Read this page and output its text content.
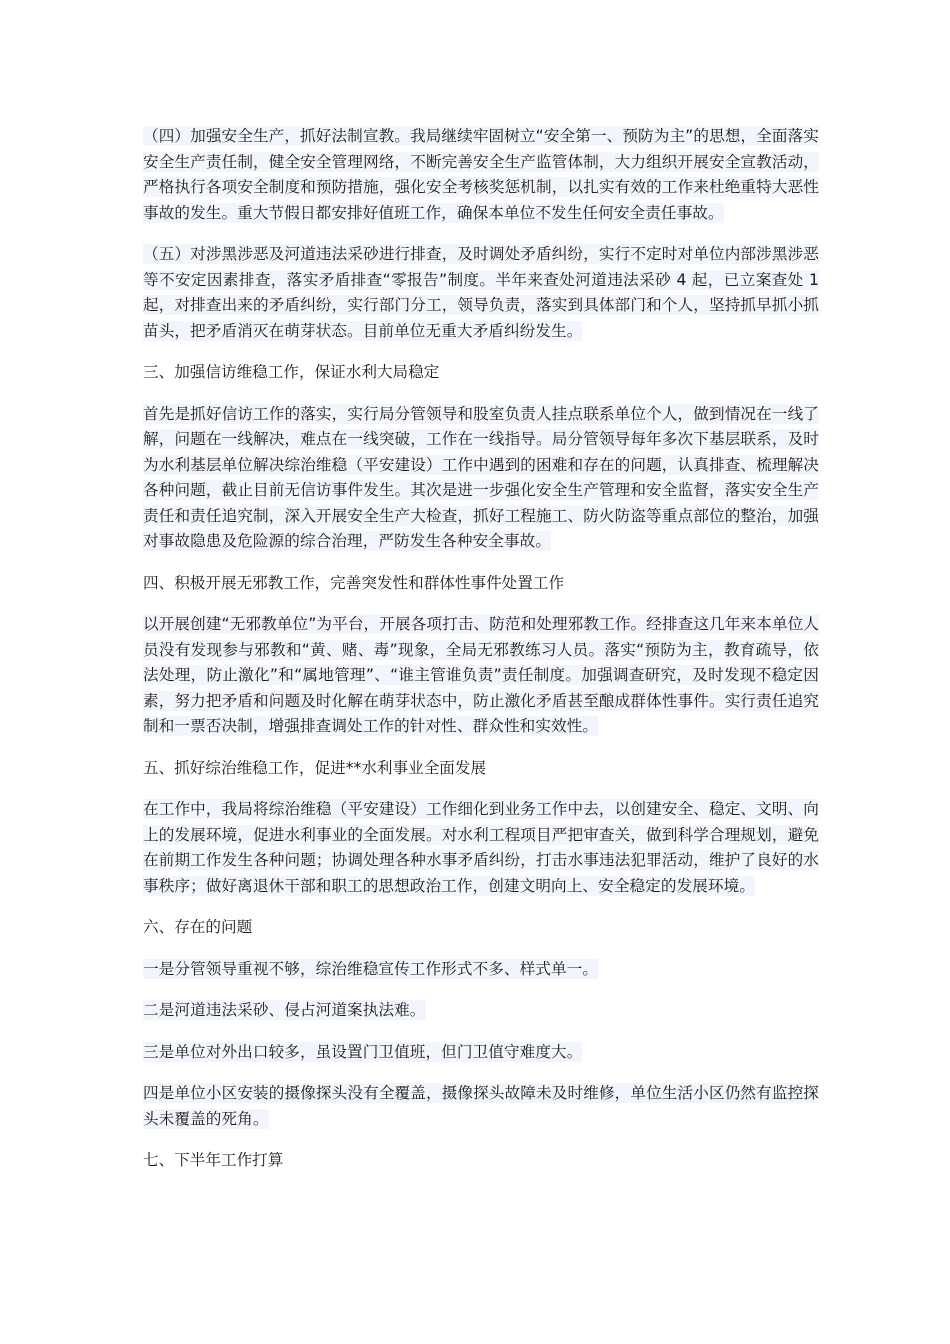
（四）加强安全生产，抓好法制宣教。我局继续牢固树立“安全第一、预防为主”的思想，全面落实安全生产责任制，健全安全管理网络，不断完善安全生产监管体制，大力组织开展安全宣教活动，严格执行各项安全制度和预防措施，强化安全考核奖惩机制，以扎实有效的工作来杜绝重特大恶性事故的发生。重大节假日都安排好值班工作，确保本单位不发生任何安全责任事故。

（五）对涉黑涉恶及河道违法采砂进行排查，及时调处矛盾纠纷，实行不定时对单位内部涉黑涉恶等不安定因素排查，落实矛盾排查“零报告”制度。半年来查处河道违法采砂 4 起，已立案查处 1 起，对排查出来的矛盾纠纷，实行部门分工，领导负责，落实到具体部门和个人，坚持抓早抓小抓苗头，把矛盾消灭在萌芽状态。目前单位无重大矛盾纠纷发生。

三、加强信访维稳工作，保证水利大局稳定

首先是抓好信访工作的落实，实行局分管领导和股室负责人挂点联系单位个人，做到情况在一线了解，问题在一线解决，难点在一线突破，工作在一线指导。局分管领导每年多次下基层联系，及时为水利基层单位解决综治维稳（平安建设）工作中遇到的困难和存在的问题，认真排查、梳理解决各种问题，截止目前无信访事件发生。其次是进一步强化安全生产管理和安全监督，落实安全生产责任和责任追究制，深入开展安全生产大检查，抓好工程施工、防火防盗等重点部位的整治，加强对事故隐患及危险源的综合治理，严防发生各种安全事故。

四、积极开展无邪教工作，完善突发性和群体性事件处置工作

以开展创建“无邪教单位”为平台，开展各项打击、防范和处理邪教工作。经排查这几年来本单位人员没有发现参与邪教和“黄、赌、毒”现象，全局无邪教练习人员。落实“预防为主，教育疏导，依法处理，防止激化”和“属地管理”、“谁主管谁负责”责任制度。加强调查研究，及时发现不稳定因素，努力把矛盾和问题及时化解在萌芽状态中，防止激化矛盾甚至酿成群体性事件。实行责任追究制和一票否决制，增强排查调处工作的针对性、群众性和实效性。

五、抓好综治维稳工作，促进**水利事业全面发展

在工作中，我局将综治维稳（平安建设）工作细化到业务工作中去，以创建安全、稳定、文明、向上的发展环境，促进水利事业的全面发展。对水利工程项目严把审查关，做到科学合理规划，避免在前期工作发生各种问题；协调处理各种水事矛盾纠纷，打击水事违法犯罪活动，维护了良好的水事秩序；做好离退休干部和职工的思想政治工作，创建文明向上、安全稳定的发展环境。

六、存在的问题

一是分管领导重视不够，综治维稳宣传工作形式不多、样式单一。

二是河道违法采砂、侵占河道案执法难。

三是单位对外出口较多，虽设置门卫值班，但门卫值守难度大。

四是单位小区安装的摄像探头没有全覆盖，摄像探头故障未及时维修，单位生活小区仍然有监控探头未覆盖的死角。

七、下半年工作打算
